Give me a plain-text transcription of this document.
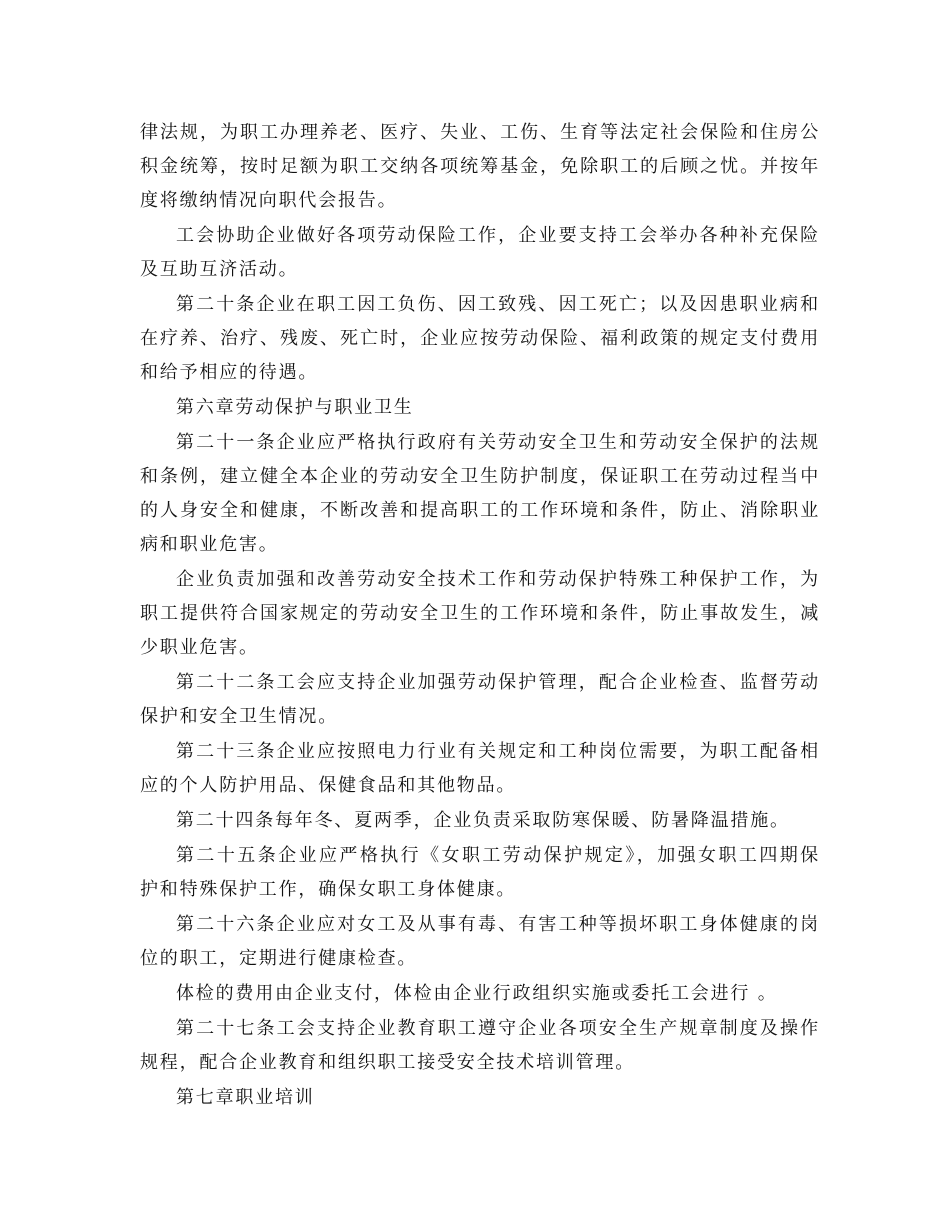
律法规，为职工办理养老、医疗、失业、工伤、生育等法定社会保险和住房公积金统筹，按时足额为职工交纳各项统筹基金，免除职工的后顾之忧。并按年度将缴纳情况向职代会报告。

工会协助企业做好各项劳动保险工作，企业要支持工会举办各种补充保险及互助互济活动。

第二十条企业在职工因工负伤、因工致残、因工死亡；以及因患职业病和在疗养、治疗、残废、死亡时，企业应按劳动保险、福利政策的规定支付费用和给予相应的待遇。

第六章劳动保护与职业卫生

第二十一条企业应严格执行政府有关劳动安全卫生和劳动安全保护的法规和条例，建立健全本企业的劳动安全卫生防护制度，保证职工在劳动过程当中的人身安全和健康，不断改善和提高职工的工作环境和条件，防止、消除职业病和职业危害。

企业负责加强和改善劳动安全技术工作和劳动保护特殊工种保护工作，为职工提供符合国家规定的劳动安全卫生的工作环境和条件，防止事故发生，减少职业危害。

第二十二条工会应支持企业加强劳动保护管理，配合企业检查、监督劳动保护和安全卫生情况。

第二十三条企业应按照电力行业有关规定和工种岗位需要，为职工配备相应的个人防护用品、保健食品和其他物品。

第二十四条每年冬、夏两季，企业负责采取防寒保暖、防暑降温措施。

第二十五条企业应严格执行《女职工劳动保护规定》，加强女职工四期保护和特殊保护工作，确保女职工身体健康。

第二十六条企业应对女工及从事有毒、有害工种等损坏职工身体健康的岗位的职工，定期进行健康检查。

体检的费用由企业支付，体检由企业行政组织实施或委托工会进行 。

第二十七条工会支持企业教育职工遵守企业各项安全生产规章制度及操作规程，配合企业教育和组织职工接受安全技术培训管理。

第七章职业培训
